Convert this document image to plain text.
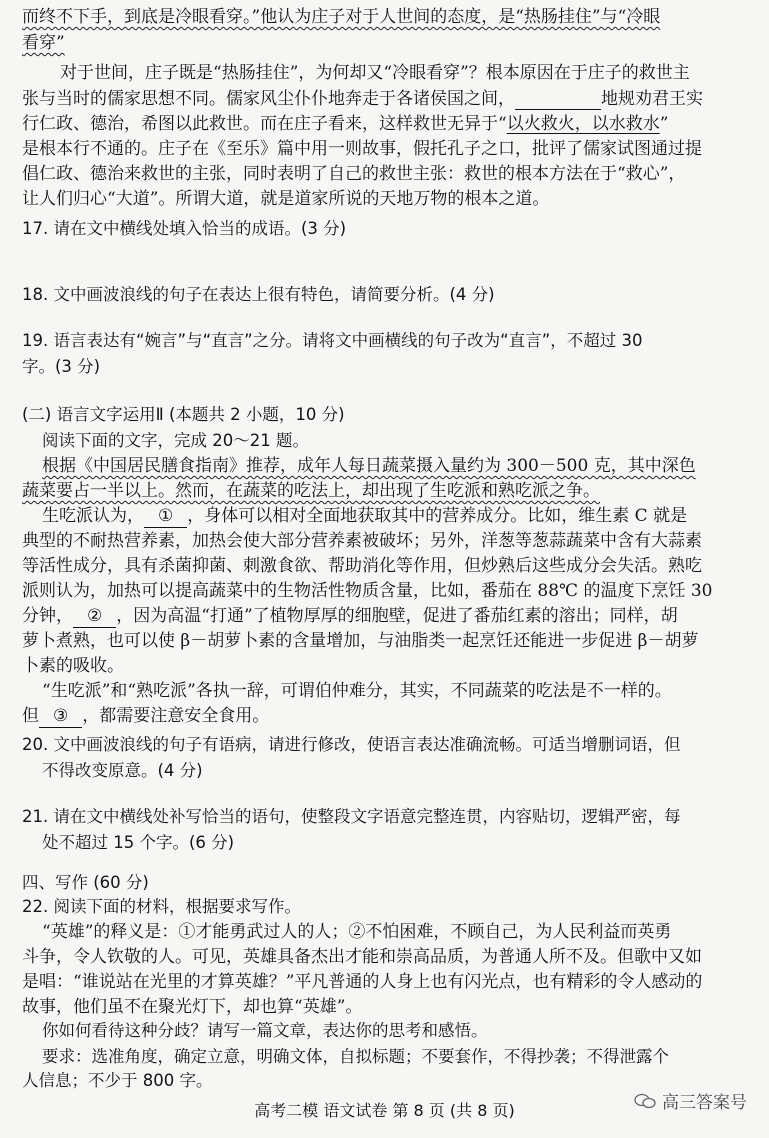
而终不下手，到底是冷眼看穿。”他认为庄子对于人世间的态度，是“热肠挂住”与“冷眼
看穿”
对于世间，庄子既是“热肠挂住”，为何却又“冷眼看穿”？根本原因在于庄子的救世主
张与当时的儒家思想不同。儒家风尘仆仆地奔走于各诸侯国之间，	地规劝君王实
行仁政、德治，希图以此救世。而在庄子看来，这样救世无异于“以火救火，以水救水”
是根本行不通的。庄子在《至乐》篇中用一则故事，假托孔子之口，批评了儒家试图通过提
倡仁政、德治来救世的主张，同时表明了自己的救世主张：救世的根本方法在于“救心”，
让人们归心“大道”。所谓大道，就是道家所说的天地万物的根本之道。
17. 请在文中横线处填入恰当的成语。(3 分)
18. 文中画波浪线的句子在表达上很有特色，请简要分析。(4 分)
19. 语言表达有“婉言”与“直言”之分。请将文中画横线的句子改为“直言”，不超过 30
字。(3 分)
(二) 语言文字运用Ⅱ (本题共 2 小题，10 分)
阅读下面的文字，完成 20～21 题。
根据《中国居民膳食指南》推荐，成年人每日蔬菜摄入量约为 300－500 克，其中深色
蔬菜要占一半以上。然而，在蔬菜的吃法上，却出现了生吃派和熟吃派之争。
生吃派认为， ① ，身体可以相对全面地获取其中的营养成分。比如，维生素 C 就是
典型的不耐热营养素，加热会使大部分营养素被破坏；另外，洋葱等葱蒜蔬菜中含有大蒜素
等活性成分，具有杀菌抑菌、刺激食欲、帮助消化等作用，但炒熟后这些成分会失活。熟吃
派则认为，加热可以提高蔬菜中的生物活性物质含量，比如，番茄在 88℃ 的温度下烹饪 30
分钟， ② ，因为高温“打通”了植物厚厚的细胞壁，促进了番茄红素的溶出；同样，胡
萝卜煮熟，也可以使 β－胡萝卜素的含量增加，与油脂类一起烹饪还能进一步促进 β－胡萝
卜素的吸收。
“生吃派”和“熟吃派”各执一辞，可谓伯仲难分，其实，不同蔬菜的吃法是不一样的。
但 ③ ，都需要注意安全食用。
20. 文中画波浪线的句子有语病，请进行修改，使语言表达准确流畅。可适当增删词语，但
不得改变原意。(4 分)
21. 请在文中横线处补写恰当的语句，使整段文字语意完整连贯，内容贴切，逻辑严密，每
处不超过 15 个字。(6 分)
四、写作 (60 分)
22. 阅读下面的材料，根据要求写作。
“英雄”的释义是：①才能勇武过人的人；②不怕困难，不顾自己，为人民利益而英勇
斗争，令人钦敬的人。可见，英雄具备杰出才能和崇高品质，为普通人所不及。但歌中又如
是唱：“谁说站在光里的才算英雄？”平凡普通的人身上也有闪光点，也有精彩的令人感动的
故事，他们虽不在聚光灯下，却也算“英雄”。
你如何看待这种分歧？请写一篇文章，表达你的思考和感悟。
要求：选准角度，确定立意，明确文体，自拟标题；不要套作，不得抄袭；不得泄露个
人信息；不少于 800 字。
高考二模 语文试卷 第 8 页 (共 8 页)	高三答案号
